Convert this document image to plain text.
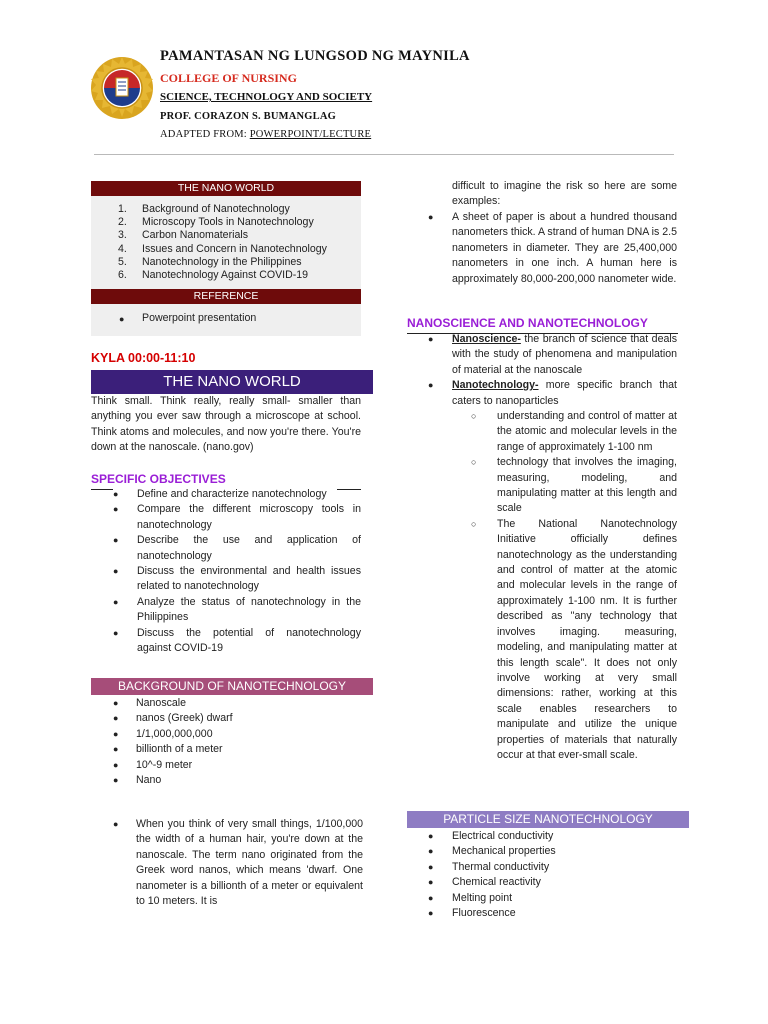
PAMANTASAN NG LUNGSOD NG MAYNILA
COLLEGE OF NURSING
SCIENCE, TECHNOLOGY AND SOCIETY
PROF. CORAZON S. BUMANGLAG
ADAPTED FROM: POWERPOINT/LECTURE
THE NANO WORLD
1. Background of Nanotechnology
2. Microscopy Tools in Nanotechnology
3. Carbon Nanomaterials
4. Issues and Concern in Nanotechnology
5. Nanotechnology in the Philippines
6. Nanotechnology Against COVID-19
REFERENCE
● Powerpoint presentation
KYLA 00:00-11:10
THE NANO WORLD
Think small. Think really, really small- smaller than anything you ever saw through a microscope at school. Think atoms and molecules, and now you're there. You're down at the nanoscale. (nano.gov)
SPECIFIC OBJECTIVES
● Define and characterize nanotechnology
● Compare the different microscopy tools in nanotechnology
● Describe the use and application of nanotechnology
● Discuss the environmental and health issues related to nanotechnology
● Analyze the status of nanotechnology in the Philippines
● Discuss the potential of nanotechnology against COVID-19
BACKGROUND OF NANOTECHNOLOGY
● Nanoscale
● nanos (Greek) dwarf
● 1/1,000,000,000
● billionth of a meter
● 10^-9 meter
● Nano
● When you think of very small things, 1/100,000 the width of a human hair, you're down at the nanoscale. The term nano originated from the Greek word nanos, which means 'dwarf. One nanometer is a billionth of a meter or equivalent to 10 meters. It is
difficult to imagine the risk so here are some examples:
● A sheet of paper is about a hundred thousand nanometers thick. A strand of human DNA is 2.5 nanometers in diameter. They are 25,400,000 nanometers in one inch. A human here is approximately 80,000-200,000 nanometer wide.
NANOSCIENCE AND NANOTECHNOLOGY
● Nanoscience- the branch of science that deals with the study of phenomena and manipulation of material at the nanoscale
● Nanotechnology- more specific branch that caters to nanoparticles
○ understanding and control of matter at the atomic and molecular levels in the range of approximately 1-100 nm
○ technology that involves the imaging, measuring, modeling, and manipulating matter at this length and scale
○ The National Nanotechnology Initiative officially defines nanotechnology as the understanding and control of matter at the atomic and molecular levels in the range of approximately 1-100 nm. It is further described as "any technology that involves imaging. measuring, modeling, and manipulating matter at this length scale". It does not only involve working at very small dimensions: rather, working at this scale enables researchers to manipulate and utilize the unique properties of materials that naturally occur at that ever-small scale.
PARTICLE SIZE NANOTECHNOLOGY
● Electrical conductivity
● Mechanical properties
● Thermal conductivity
● Chemical reactivity
● Melting point
● Fluorescence
